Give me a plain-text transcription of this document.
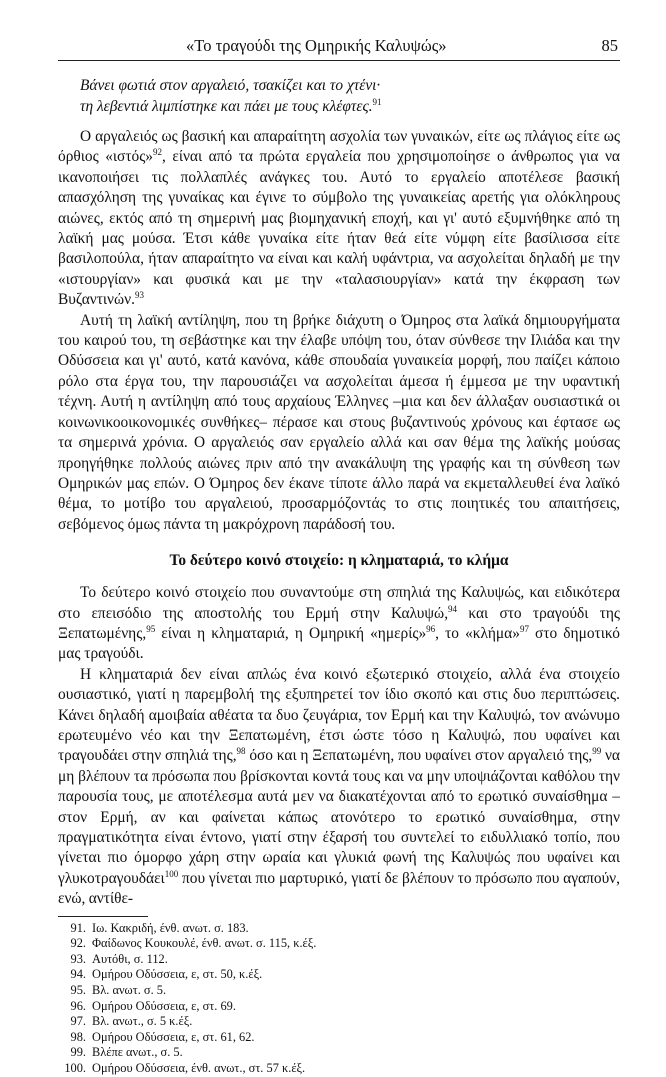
«Το τραγούδι της Ομηρικής Καλυψώς»	85
Βάνει φωτιά στον αργαλειό, τσακίζει και το χτένι·
τη λεβεντιά λιμπίστηκε και πάει με τους κλέφτες.$^{91}$

Ο αργαλειός ως βασική και απαραίτητη ασχολία των γυναικών, είτε ως πλάγιος είτε ως όρθιος «ιστός»$^{92}$, είναι από τα πρώτα εργαλεία που χρησιμοποίησε ο άνθρωπος για να ικανοποιήσει τις πολλαπλές ανάγκες του. Αυτό το εργαλείο αποτέλεσε βασική απασχόληση της γυναίκας και έγινε το σύμβολο της γυναικείας αρετής για ολόκληρους αιώνες, εκτός από τη σημερινή μας βιομηχανική εποχή, και γι' αυτό εξυμνήθηκε από τη λαϊκή μας μούσα. Έτσι κάθε γυναίκα είτε ήταν θεά είτε νύμφη είτε βασίλισσα είτε βασιλοπούλα, ήταν απαραίτητο να είναι και καλή υφάντρια, να ασχολείται δηλαδή με την «ιστουργίαν» και φυσικά και με την «ταλασιουργίαν» κατά την έκφραση των Βυζαντινών.$^{93}$

Αυτή τη λαϊκή αντίληψη, που τη βρήκε διάχυτη ο Όμηρος στα λαϊκά δημιουργήματα του καιρού του, τη σεβάστηκε και την έλαβε υπόψη του, όταν σύνθεσε την Ιλιάδα και την Οδύσσεια και γι' αυτό, κατά κανόνα, κάθε σπουδαία γυναικεία μορφή, που παίζει κάποιο ρόλο στα έργα του, την παρουσιάζει να ασχολείται άμεσα ή έμμεσα με την υφαντική τέχνη. Αυτή η αντίληψη από τους αρχαίους Έλληνες –μια και δεν άλλαξαν ουσιαστικά οι κοινωνικοοικονομικές συνθήκες– πέρασε και στους βυζαντινούς χρόνους και έφτασε ως τα σημερινά χρόνια. Ο αργαλειός σαν εργαλείο αλλά και σαν θέμα της λαϊκής μούσας προηγήθηκε πολλούς αιώνες πριν από την ανακάλυψη της γραφής και τη σύνθεση των Ομηρικών μας επών. Ο Όμηρος δεν έκανε τίποτε άλλο παρά να εκμεταλλευθεί ένα λαϊκό θέμα, το μοτίβο του αργαλειού, προσαρμόζοντάς το στις ποιητικές του απαιτήσεις, σεβόμενος όμως πάντα τη μακρόχρονη παράδοσή του.

Το δεύτερο κοινό στοιχείο: η κληματαριά, το κλήμα

Το δεύτερο κοινό στοιχείο που συναντούμε στη σπηλιά της Καλυψώς, και ειδικότερα στο επεισόδιο της αποστολής του Ερμή στην Καλυψώ,$^{94}$ και στο τραγούδι της Ξεπατωμένης,$^{95}$ είναι η κληματαριά, η Ομηρική «ημερίς»$^{96}$, το «κλήμα»$^{97}$ στο δημοτικό μας τραγούδι.

Η κληματαριά δεν είναι απλώς ένα κοινό εξωτερικό στοιχείο, αλλά ένα στοιχείο ουσιαστικό, γιατί η παρεμβολή της εξυπηρετεί τον ίδιο σκοπό και στις δυο περιπτώσεις. Κάνει δηλαδή αμοιβαία αθέατα τα δυο ζευγάρια, τον Ερμή και την Καλυψώ, τον ανώνυμο ερωτευμένο νέο και την Ξεπατωμένη, έτσι ώστε τόσο η Καλυψώ, που υφαίνει και τραγουδάει στην σπηλιά της,$^{98}$ όσο και η Ξεπατωμένη, που υφαίνει στον αργαλειό της,$^{99}$ να μη βλέπουν τα πρόσωπα που βρίσκονται κοντά τους και να μην υποψιάζονται καθόλου την παρουσία τους, με αποτέλεσμα αυτά μεν να διακατέχονται από το ερωτικό συναίσθημα –στον Ερμή, αν και φαίνεται κάπως ατονότερο το ερωτικό συναίσθημα, στην πραγματικότητα είναι έντονο, γιατί στην έξαρσή του συντελεί το ειδυλλιακό τοπίο, που γίνεται πιο όμορφο χάρη στην ωραία και γλυκιά φωνή της Καλυψώς που υφαίνει και γλυκοτραγουδάει$^{100}$ που γίνεται πιο μαρτυρικό, γιατί δε βλέπουν το πρόσωπο που αγαπούν, ενώ, αντίθε-

91. Ιω. Κακριδή, ένθ. ανωτ. σ. 183.
92. Φαίδωνος Κουκουλέ, ένθ. ανωτ. σ. 115, κ.έξ.
93. Αυτόθι, σ. 112.
94. Ομήρου Οδύσσεια, ε, στ. 50, κ.έξ.
95. Βλ. ανωτ. σ. 5.
96. Ομήρου Οδύσσεια, ε, στ. 69.
97. Βλ. ανωτ., σ. 5 κ.έξ.
98. Ομήρου Οδύσσεια, ε, στ. 61, 62.
99. Βλέπε ανωτ., σ. 5.
100. Ομήρου Οδύσσεια, ένθ. ανωτ., στ. 57 κ.έξ.
